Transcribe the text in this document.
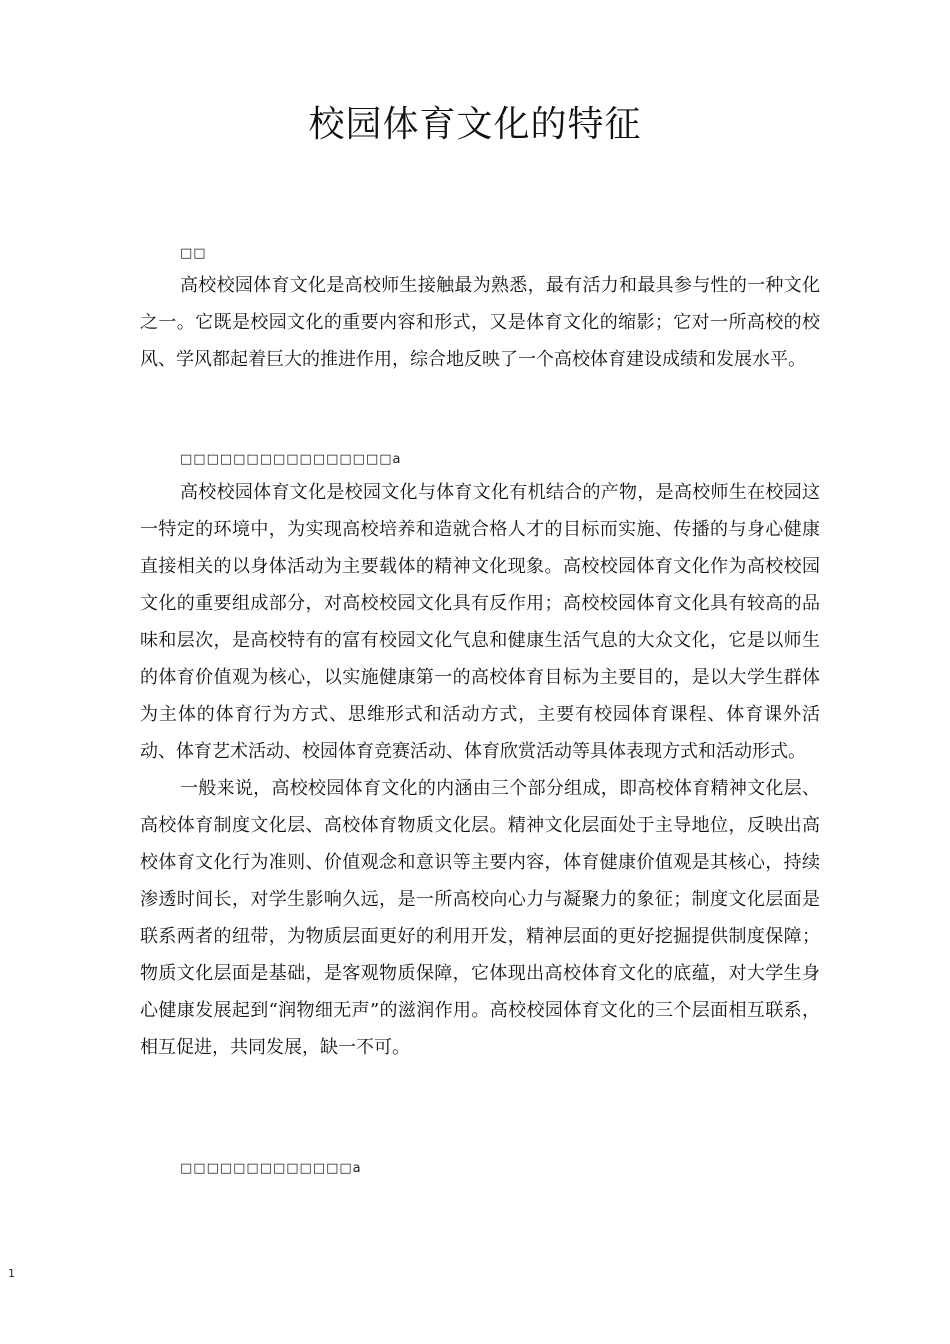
校园体育文化的特征
□□

高校校园体育文化是高校师生接触最为熟悉，最有活力和最具参与性的一种文化之一。它既是校园文化的重要内容和形式，又是体育文化的缩影；它对一所高校的校风、学风都起着巨大的推进作用，综合地反映了一个高校体育建设成绩和发展水平。

□□□□□□□□□□□□□□□□a

高校校园体育文化是校园文化与体育文化有机结合的产物，是高校师生在校园这一特定的环境中，为实现高校培养和造就合格人才的目标而实施、传播的与身心健康直接相关的以身体活动为主要载体的精神文化现象。高校校园体育文化作为高校校园文化的重要组成部分，对高校校园文化具有反作用；高校校园体育文化具有较高的品味和层次，是高校特有的富有校园文化气息和健康生活气息的大众文化，它是以师生的体育价值观为核心，以实施健康第一的高校体育目标为主要目的，是以大学生群体为主体的体育行为方式、思维形式和活动方式，主要有校园体育课程、体育课外活动、体育艺术活动、校园体育竞赛活动、体育欣赏活动等具体表现方式和活动形式。

一般来说，高校校园体育文化的内涵由三个部分组成，即高校体育精神文化层、高校体育制度文化层、高校体育物质文化层。精神文化层面处于主导地位，反映出高校体育文化行为准则、价值观念和意识等主要内容，体育健康价值观是其核心，持续渗透时间长，对学生影响久远，是一所高校向心力与凝聚力的象征；制度文化层面是联系两者的纽带，为物质层面更好的利用开发，精神层面的更好挖掘提供制度保障；物质文化层面是基础，是客观物质保障，它体现出高校体育文化的底蕴，对大学生身心健康发展起到“润物细无声”的滋润作用。高校校园体育文化的三个层面相互联系，相互促进，共同发展，缺一不可。

□□□□□□□□□□□□□a
1
